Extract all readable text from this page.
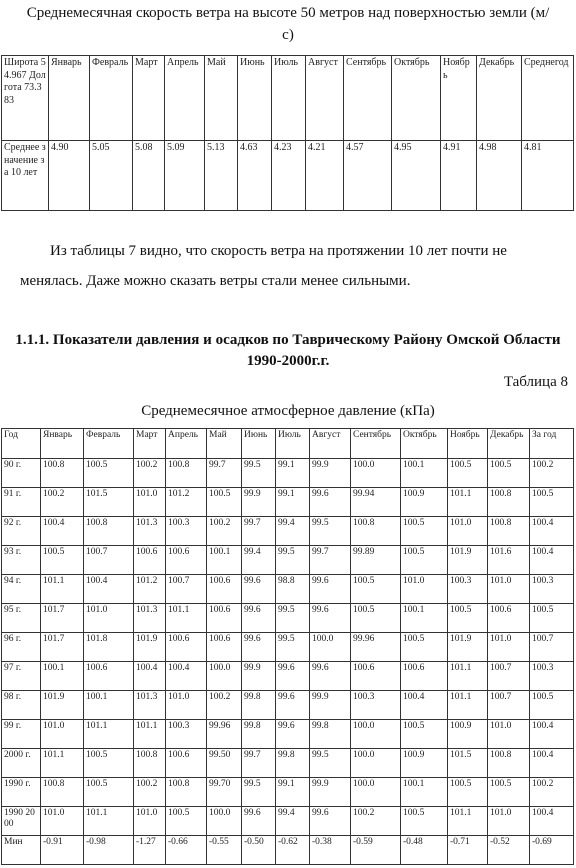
Среднемесячная скорость ветра на высоте 50 метров над поверхностью земли (м/с)
Широта 54.967 Долгота 73.383	Январь	Февраль	Март	Апрель	Май	Июнь	Июль	Август	Сентябрь	Октябрь	Ноябрь	Декабрь	Среднегод
Среднее значение за 10 лет	4.90	5.05	5.08	5.09	5.13	4.63	4.23	4.21	4.57	4.95	4.91	4.98	4.81

Из таблицы 7 видно, что скорость ветра на протяжении 10 лет почти не менялась. Даже можно сказать ветры стали менее сильными.

1.1.1. Показатели давления и осадков по Таврическому Району Омской Области 1990-2000г.г.

Таблица 8
Среднемесячное атмосферное давление (кПа)
Год	Январь	Февраль	Март	Апрель	Май	Июнь	Июль	Август	Сентябрь	Октябрь	Ноябрь	Декабрь	За год
90 г.	100.8	100.5	100.2	100.8	99.7	99.5	99.1	99.9	100.0	100.1	100.5	100.5	100.2
91 г.	100.2	101.5	101.0	101.2	100.5	99.9	99.1	99.6	99.94	100.9	101.1	100.8	100.5
92 г.	100.4	100.8	101.3	100.3	100.2	99.7	99.4	99.5	100.8	100.5	101.0	100.8	100.4
93 г.	100.5	100.7	100.6	100.6	100.1	99.4	99.5	99.7	99.89	100.5	101.9	101.6	100.4
94 г.	101.1	100.4	101.2	100.7	100.6	99.6	98.8	99.6	100.5	101.0	100.3	101.0	100.3
95 г.	101.7	101.0	101.3	101.1	100.6	99.6	99.5	99.6	100.5	100.1	100.5	100.6	100.5
96 г.	101.7	101.8	101.9	100.6	100.6	99.6	99.5	100.0	99.96	100.5	101.9	101.0	100.7
97 г.	100.1	100.6	100.4	100.4	100.0	99.9	99.6	99.6	100.6	100.6	101.1	100.7	100.3
98 г.	101.9	100.1	101.3	101.0	100.2	99.8	99.6	99.9	100.3	100.4	101.1	100.7	100.5
99 г.	101.0	101.1	101.1	100.3	99.96	99.8	99.6	99.8	100.0	100.5	100.9	101.0	100.4
2000 г.	101.1	100.5	100.8	100.6	99.50	99.7	99.8	99.5	100.0	100.9	101.5	100.8	100.4
1990 г.	100.8	100.5	100.2	100.8	99.70	99.5	99.1	99.9	100.0	100.1	100.5	100.5	100.2
1990 2000	101.0	101.1	101.0	100.5	100.0	99.6	99.4	99.6	100.2	100.5	101.1	101.0	100.4
Мин	-0.91	-0.98	-1.27	-0.66	-0.55	-0.50	-0.62	-0.38	-0.59	-0.48	-0.71	-0.52	-0.69
